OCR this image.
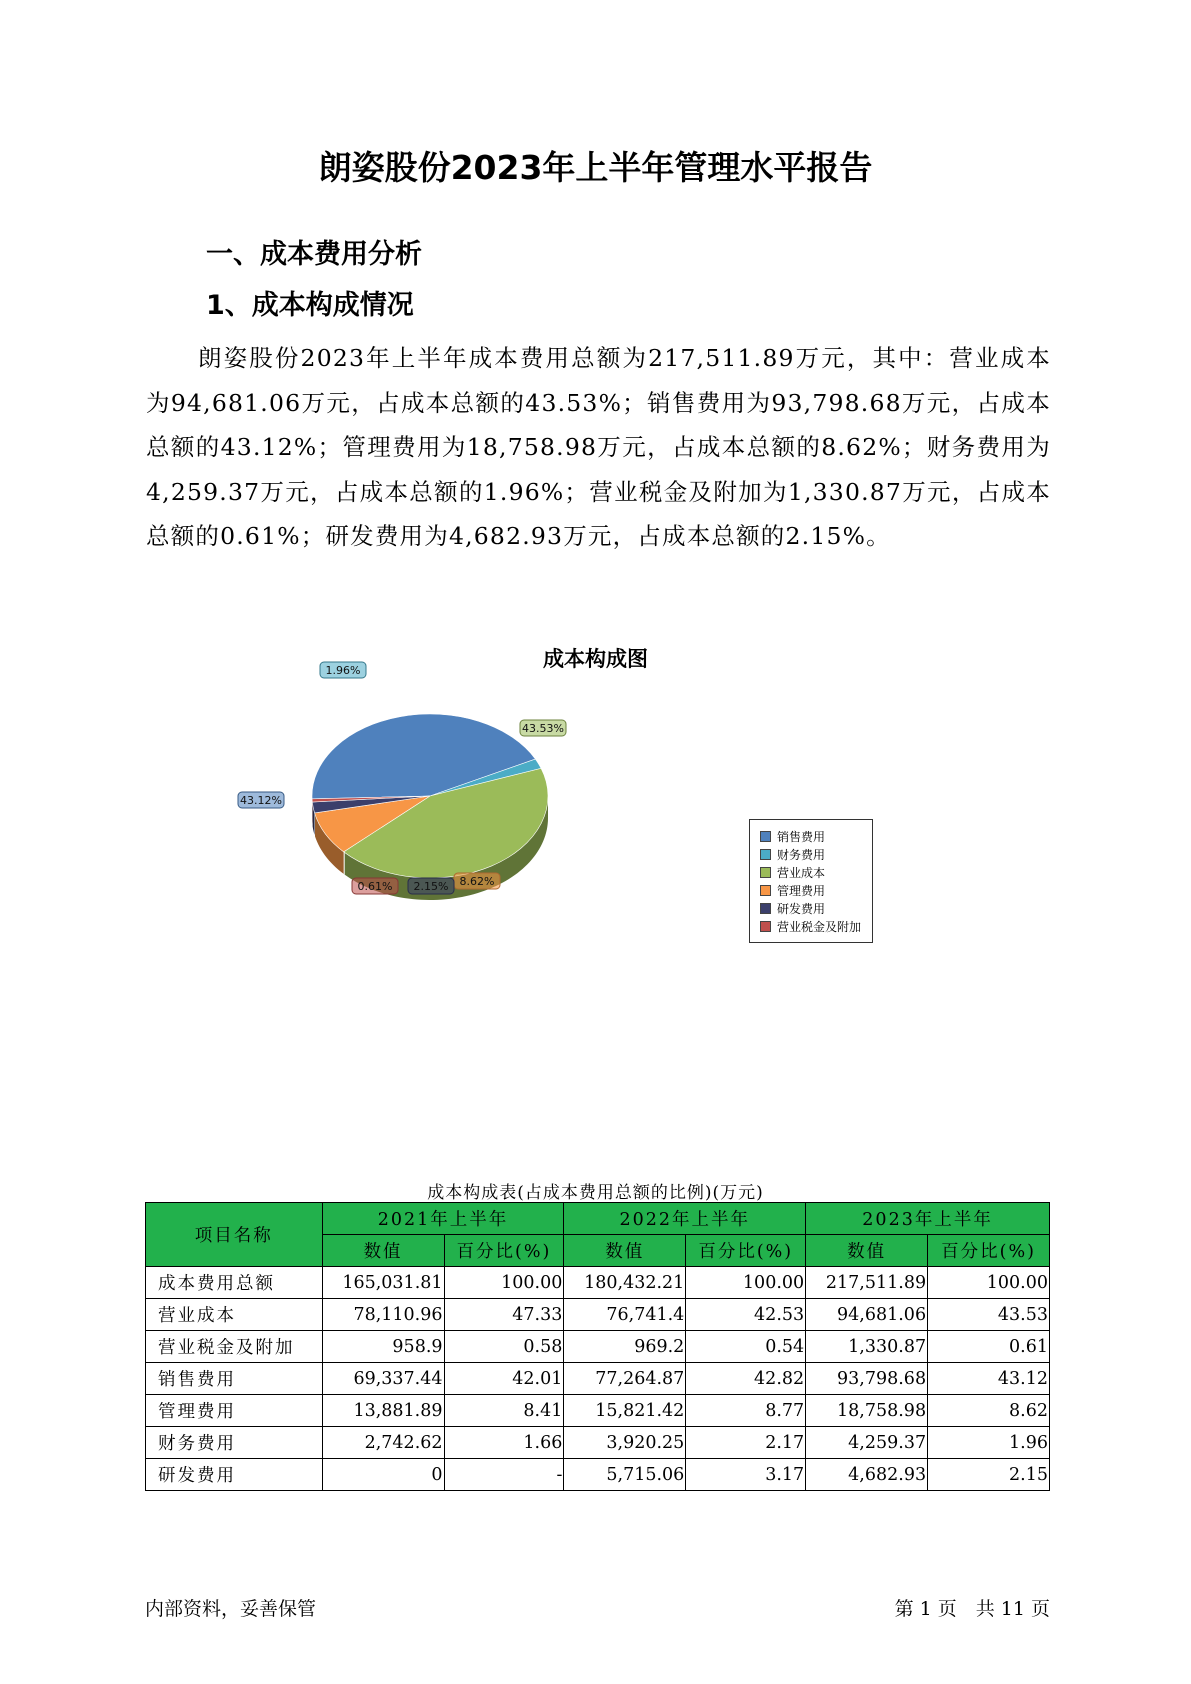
朗姿股份2023年上半年管理水平报告
一、成本费用分析
1、成本构成情况
朗姿股份2023年上半年成本费用总额为217,511.89万元，其中：营业成本为94,681.06万元，占成本总额的43.53%；销售费用为93,798.68万元，占成本总额的43.12%；管理费用为18,758.98万元，占成本总额的8.62%；财务费用为4,259.37万元，占成本总额的1.96%；营业税金及附加为1,330.87万元，占成本总额的0.61%；研发费用为4,682.93万元，占成本总额的2.15%。
成本构成图
43.12%
1.96%
43.53%
8.62%
2.15%
0.61%
销售费用
财务费用
营业成本
管理费用
研发费用
营业税金及附加
成本构成表(占成本费用总额的比例)(万元)
项目名称	2021年上半年		2022年上半年		2023年上半年	
	数值	百分比(%)	数值	百分比(%)	数值	百分比(%)
成本费用总额	165,031.81	100.00	180,432.21	100.00	217,511.89	100.00
营业成本	78,110.96	47.33	76,741.4	42.53	94,681.06	43.53
营业税金及附加	958.9	0.58	969.2	0.54	1,330.87	0.61
销售费用	69,337.44	42.01	77,264.87	42.82	93,798.68	43.12
管理费用	13,881.89	8.41	15,821.42	8.77	18,758.98	8.62
财务费用	2,742.62	1.66	3,920.25	2.17	4,259.37	1.96
研发费用	0	-	5,715.06	3.17	4,682.93	2.15
内部资料，妥善保管	第 1 页　共 11 页
